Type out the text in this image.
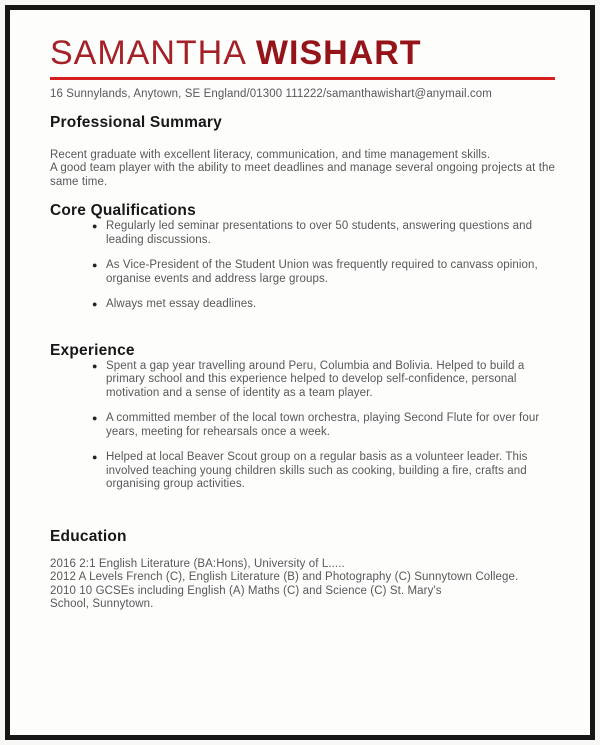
SAMANTHA WISHART
16 Sunnylands, Anytown, SE England/01300 111222/samanthawishart@anymail.com
Professional Summary
Recent graduate with excellent literacy, communication, and time management skills.
A good team player with the ability to meet deadlines and manage several ongoing projects at the same time.
Core Qualifications
● Regularly led seminar presentations to over 50 students, answering questions and leading discussions.
● As Vice-President of the Student Union was frequently required to canvass opinion, organise events and address large groups.
● Always met essay deadlines.
Experience
● Spent a gap year travelling around Peru, Columbia and Bolivia. Helped to build a primary school and this experience helped to develop self-confidence, personal motivation and a sense of identity as a team player.
● A committed member of the local town orchestra, playing Second Flute for over four years, meeting for rehearsals once a week.
● Helped at local Beaver Scout group on a regular basis as a volunteer leader. This involved teaching young children skills such as cooking, building a fire, crafts and organising group activities.
Education
2016 2:1 English Literature (BA:Hons), University of L.....
2012 A Levels French (C), English Literature (B) and Photography (C) Sunnytown College.
2010 10 GCSEs including English (A) Maths (C) and Science (C) St. Mary's
School, Sunnytown.
